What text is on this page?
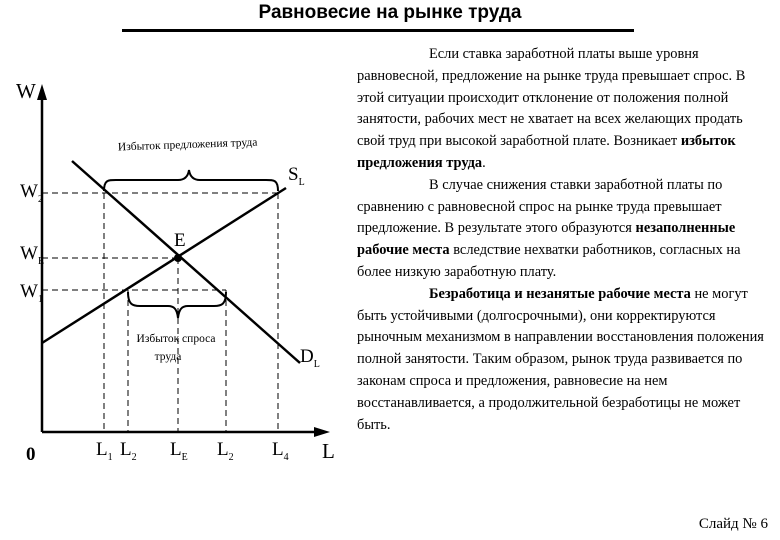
Равновесие на рынке труда
Избыток предложения труда
Избыток спроса
труда
W
L
0
$W_2$
$W_E$
$W_1$
$L_1$ $L_2$ $L_E$ $L_2$ $L_4$
$S_L$
$D_L$
E

Если ставка заработной платы выше уровня равновесной, предложение на рынке труда превышает спрос. В этой ситуации происходит отклонение от положения полной занятости, рабочих мест не хватает на всех желающих продать свой труд при высокой заработной плате. Возникает избыток предложения труда.

В случае снижения ставки заработной платы по сравнению с равновесной спрос на рынке труда превышает предложение. В результате этого образуются незаполненные рабочие места вследствие нехватки работников, согласных на более низкую заработную плату.

Безработица и незанятые рабочие места не могут быть устойчивыми (долгосрочными), они корректируются рыночным механизмом в направлении восстановления положения полной занятости. Таким образом, рынок труда развивается по законам спроса и предложения, равновесие на нем восстанавливается, а продолжительной безработицы не может быть.

Слайд № 6
